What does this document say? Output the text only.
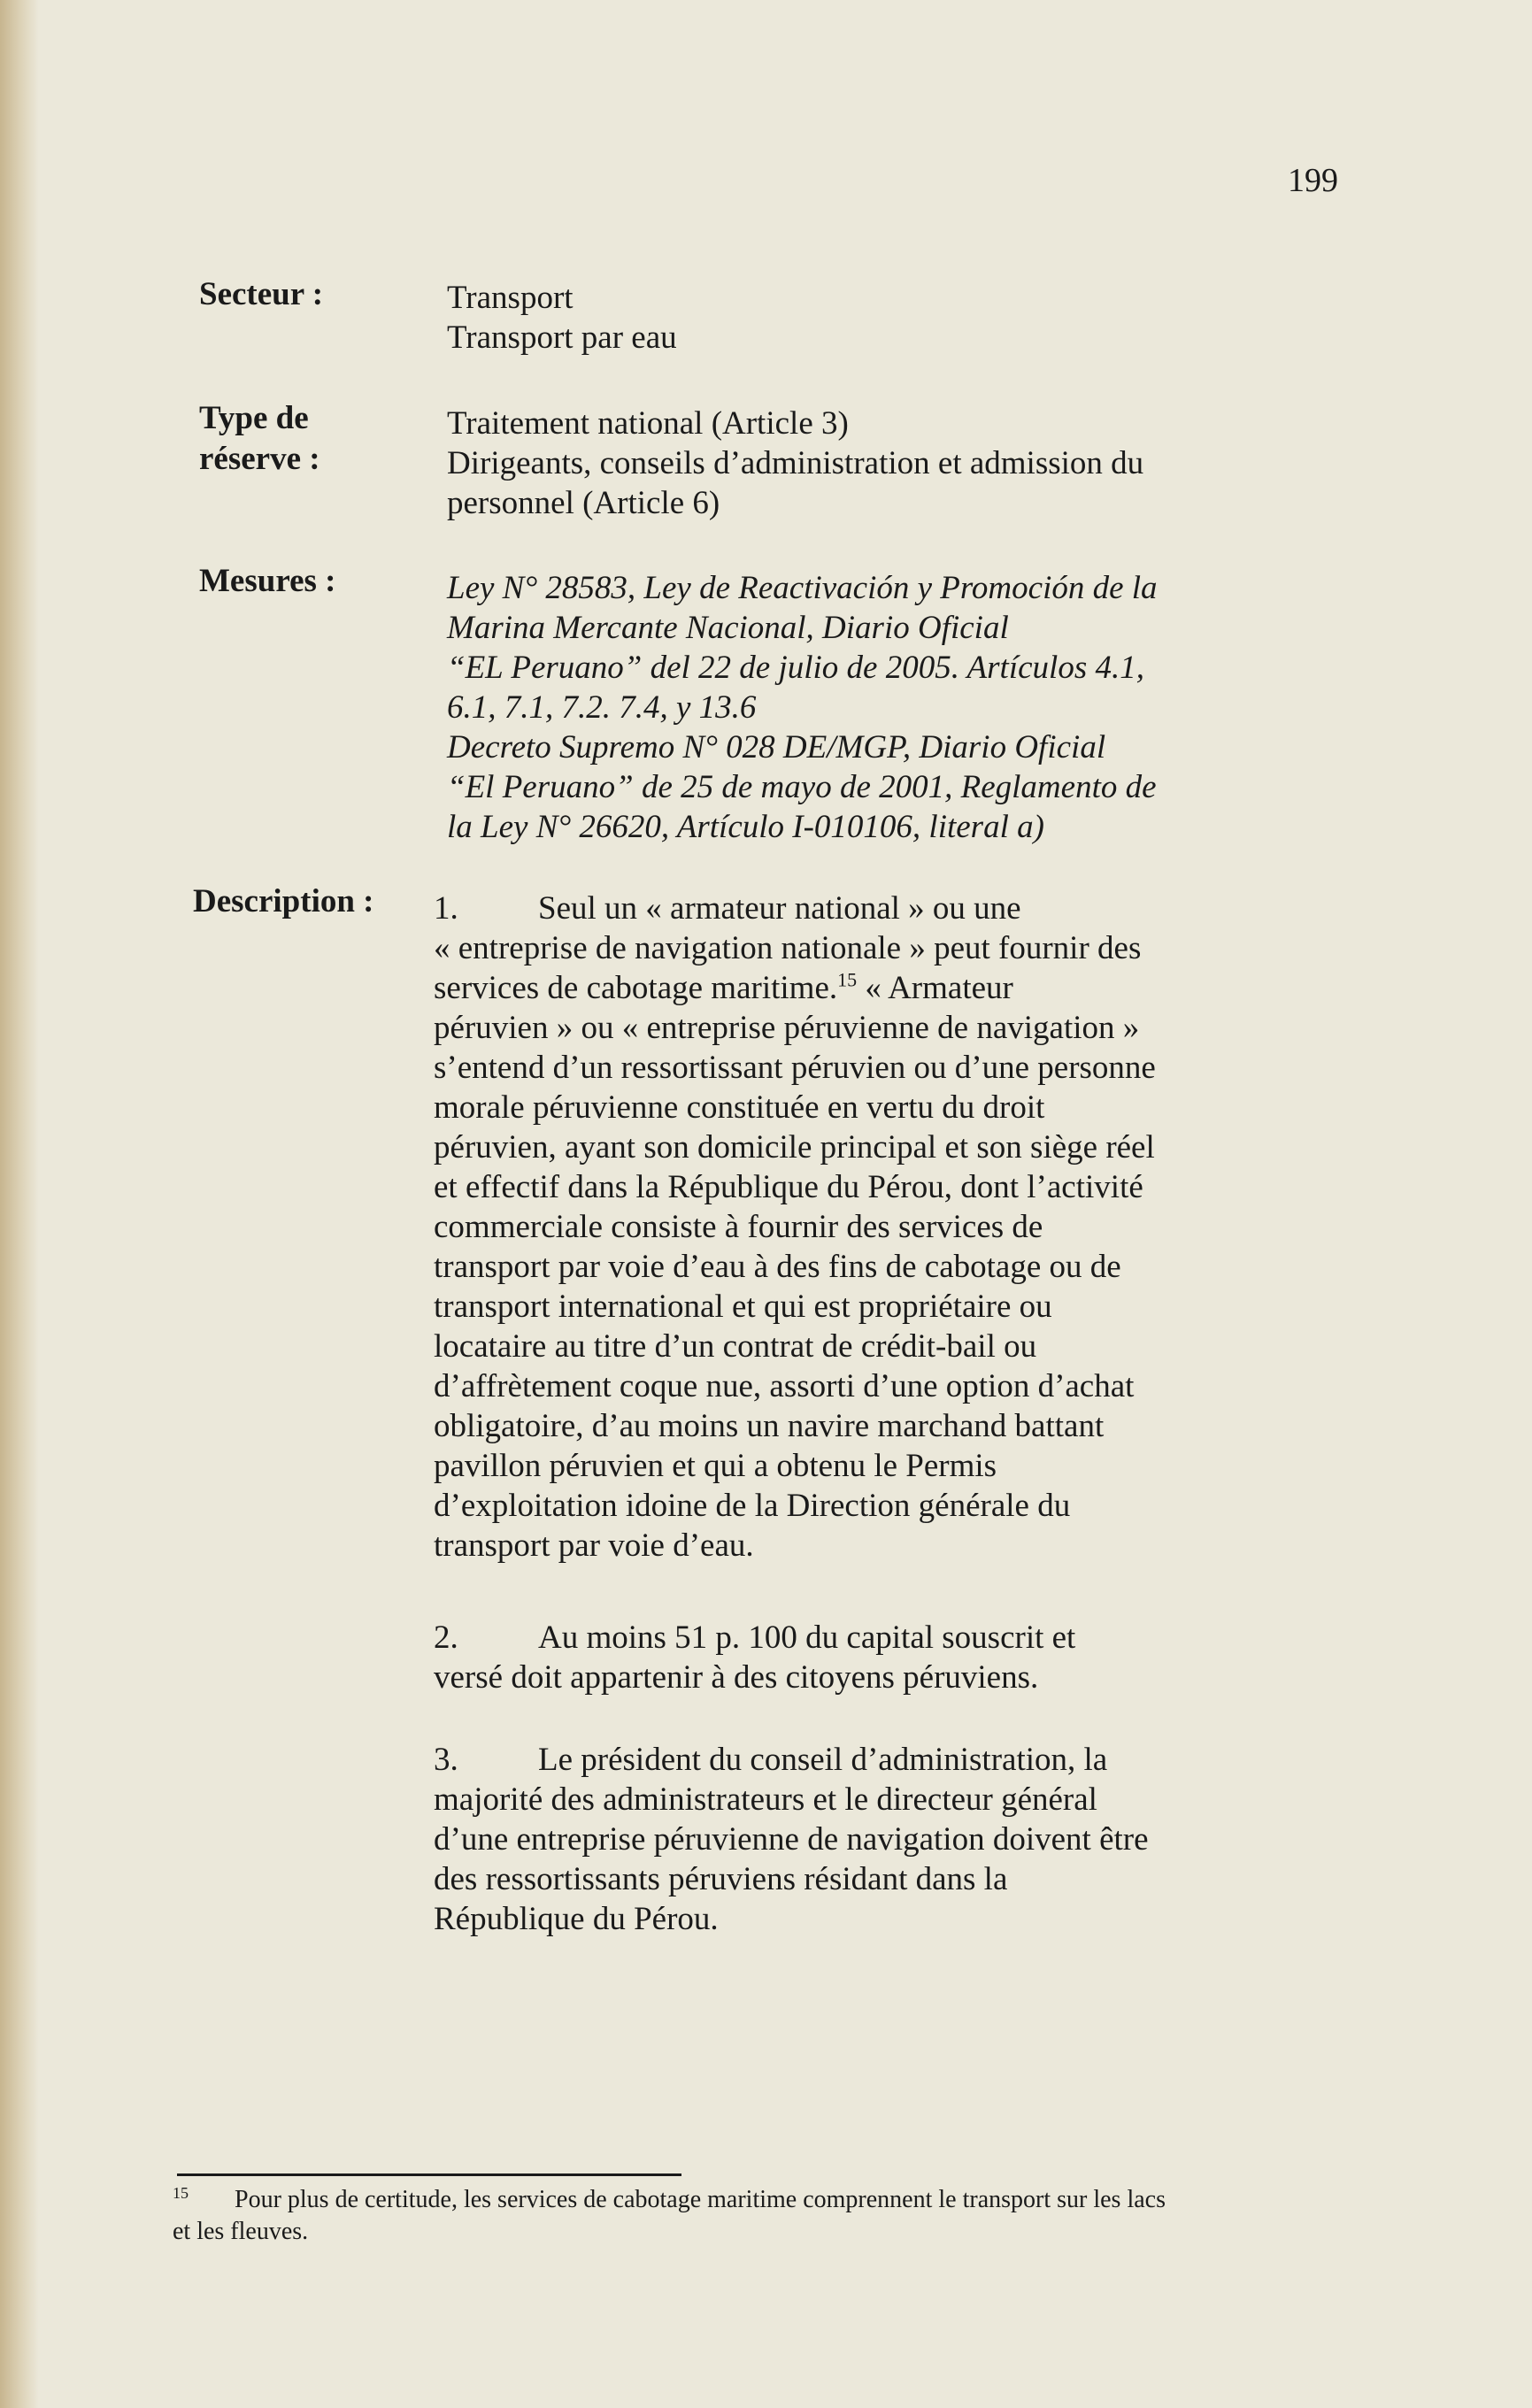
199
Secteur :	Transport
Transport par eau
Type de
réserve :
Traitement national (Article 3)
Dirigeants, conseils d’administration et admission du
personnel (Article 6)
Mesures :	Ley N° 28583, Ley de Reactivación y Promoción de la
Marina Mercante Nacional, Diario Oficial
“EL Peruano” del 22 de julio de 2005. Artículos 4.1,
6.1, 7.1, 7.2. 7.4, y 13.6
Decreto Supremo N° 028 DE/MGP, Diario Oficial
“El Peruano” de 25 de mayo de 2001, Reglamento de
la Ley N° 26620, Artículo I-010106, literal a)
Description : 1. Seul un « armateur national » ou une
« entreprise de navigation nationale » peut fournir des
services de cabotage maritime.$^{15}$ « Armateur
péruvien » ou « entreprise péruvienne de navigation »
s’entend d’un ressortissant péruvien ou d’une personne
morale péruvienne constituée en vertu du droit
péruvien, ayant son domicile principal et son siège réel
et effectif dans la République du Pérou, dont l’activité
commerciale consiste à fournir des services de
transport par voie d’eau à des fins de cabotage ou de
transport international et qui est propriétaire ou
locataire au titre d’un contrat de crédit-bail ou
d’affrètement coque nue, assorti d’une option d’achat
obligatoire, d’au moins un navire marchand battant
pavillon péruvien et qui a obtenu le Permis
d’exploitation idoine de la Direction générale du
transport par voie d’eau.
2. Au moins 51 p. 100 du capital souscrit et
versé doit appartenir à des citoyens péruviens.
3. Le président du conseil d’administration, la
majorité des administrateurs et le directeur général
d’une entreprise péruvienne de navigation doivent être
des ressortissants péruviens résidant dans la
République du Pérou.
15 Pour plus de certitude, les services de cabotage maritime comprennent le transport sur les lacs
et les fleuves.
